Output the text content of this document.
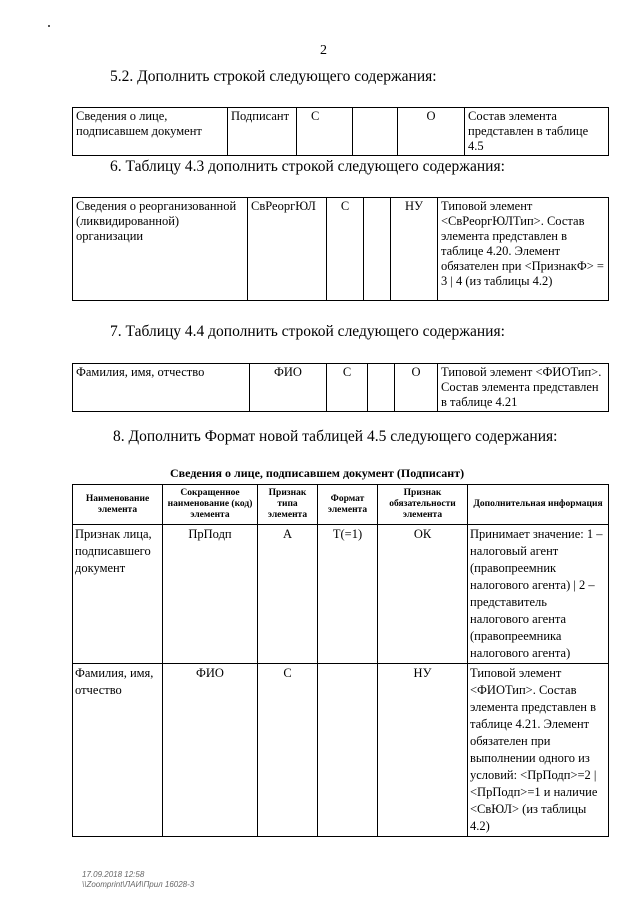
2
5.2. Дополнить строкой следующего содержания:
Сведения о лице, подписавшем документ	Подписант	С		О	Состав элемента представлен в таблице 4.5
6. Таблицу 4.3 дополнить строкой следующего содержания:
Сведения о реорганизованной (ликвидированной) организации	СвРеоргЮЛ	С		НУ	Типовой элемент <СвРеоргЮЛТип>. Состав элемента представлен в таблице 4.20. Элемент обязателен при <ПризнакФ> = 3 | 4 (из таблицы 4.2)
7. Таблицу 4.4 дополнить строкой следующего содержания:
Фамилия, имя, отчество	ФИО	С		О	Типовой элемент <ФИОТип>. Состав элемента представлен в таблице 4.21
8. Дополнить Формат новой таблицей 4.5 следующего содержания:
Сведения о лице, подписавшем документ (Подписант)
Наименование элемента	Сокращенное наименование (код) элемента	Признак типа элемента	Формат элемента	Признак обязательности элемента	Дополнительная информация
Признак лица, подписавшего документ	ПрПодп	А	Т(=1)	ОК	Принимает значение: 1 – налоговый агент (правопреемник налогового агента) | 2 – представитель налогового агента (правопреемника налогового агента)
Фамилия, имя, отчество	ФИО	С		НУ	Типовой элемент <ФИОТип>. Состав элемента представлен в таблице 4.21. Элемент обязателен при выполнении одного из условий: <ПрПодп>=2 | <ПрПодп>=1 и наличие <СвЮЛ> (из таблицы 4.2)
17.09.2018 12:58
\\Zoomprint\ЛАИ\Прил 16028-3
